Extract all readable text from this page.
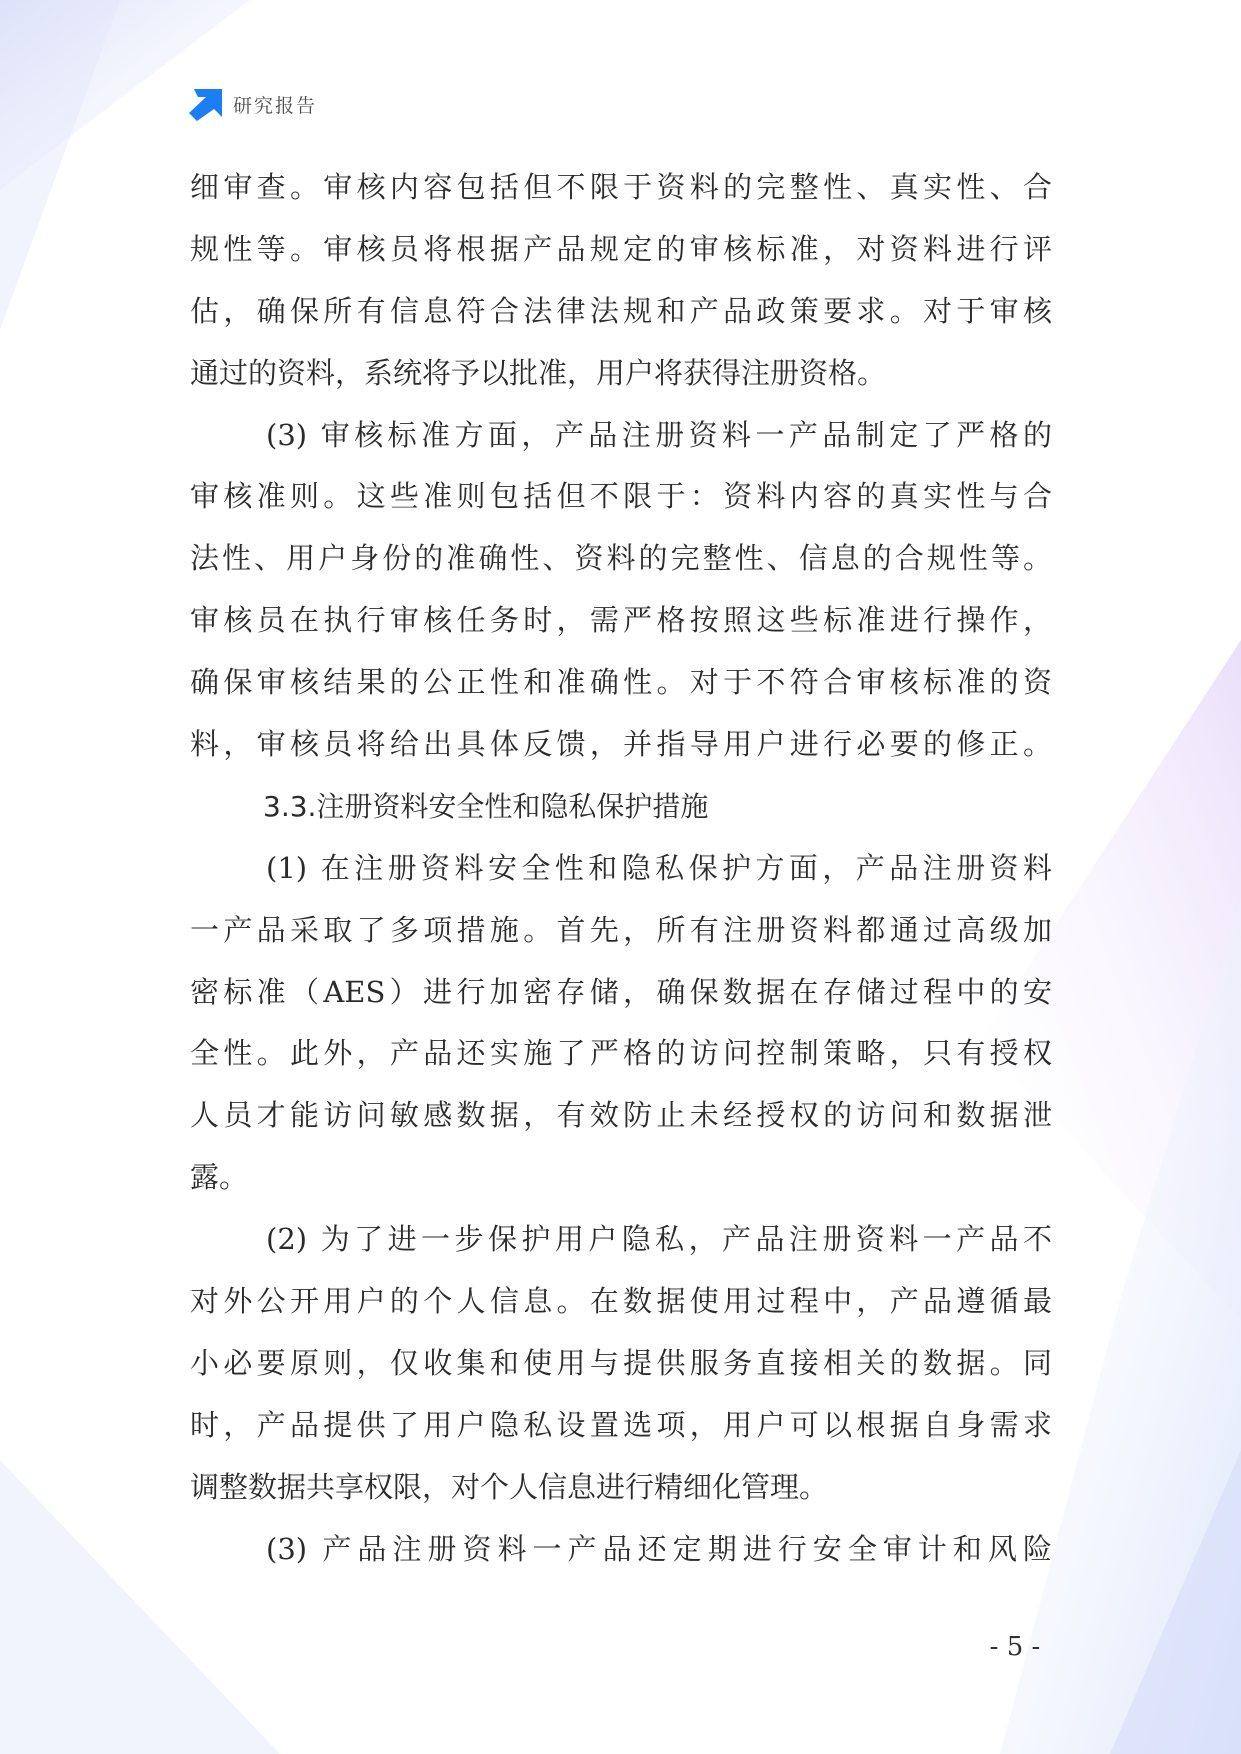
研究报告
细审查。审核内容包括但不限于资料的完整性、真实性、合
规性等。审核员将根据产品规定的审核标准，对资料进行评
估，确保所有信息符合法律法规和产品政策要求。对于审核
通过的资料，系统将予以批准，用户将获得注册资格。
(3) 审核标准方面，产品注册资料一产品制定了严格的
审核准则。这些准则包括但不限于：资料内容的真实性与合
法性、用户身份的准确性、资料的完整性、信息的合规性等。
审核员在执行审核任务时，需严格按照这些标准进行操作，
确保审核结果的公正性和准确性。对于不符合审核标准的资
料，审核员将给出具体反馈，并指导用户进行必要的修正。
3.3.注册资料安全性和隐私保护措施
(1) 在注册资料安全性和隐私保护方面，产品注册资料
一产品采取了多项措施。首先，所有注册资料都通过高级加
密标准（AES）进行加密存储，确保数据在存储过程中的安
全性。此外，产品还实施了严格的访问控制策略，只有授权
人员才能访问敏感数据，有效防止未经授权的访问和数据泄
露。
(2) 为了进一步保护用户隐私，产品注册资料一产品不
对外公开用户的个人信息。在数据使用过程中，产品遵循最
小必要原则，仅收集和使用与提供服务直接相关的数据。同
时，产品提供了用户隐私设置选项，用户可以根据自身需求
调整数据共享权限，对个人信息进行精细化管理。
(3) 产品注册资料一产品还定期进行安全审计和风险
- 5 -
